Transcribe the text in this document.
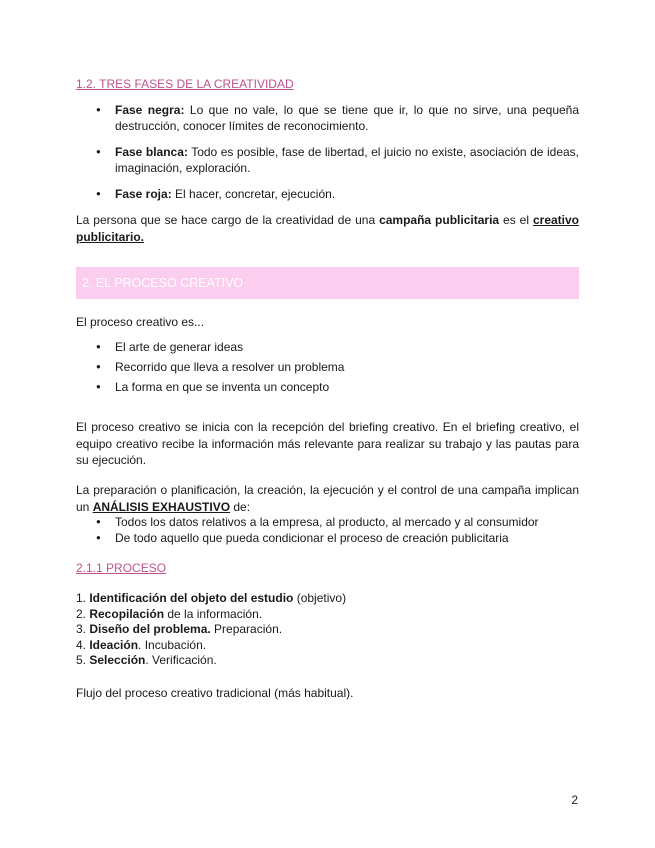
1.2. TRES FASES DE LA CREATIVIDAD
● Fase negra: Lo que no vale, lo que se tiene que ir, lo que no sirve, una pequeña destrucción, conocer límites de reconocimiento.
● Fase blanca: Todo es posible, fase de libertad, el juicio no existe, asociación de ideas, imaginación, exploración.
● Fase roja: El hacer, concretar, ejecución.
La persona que se hace cargo de la creatividad de una campaña publicitaria es el creativo publicitario.
2. EL PROCESO CREATIVO
El proceso creativo es...
● El arte de generar ideas
● Recorrido que lleva a resolver un problema
● La forma en que se inventa un concepto
El proceso creativo se inicia con la recepción del briefing creativo. En el briefing creativo, el equipo creativo recibe la información más relevante para realizar su trabajo y las pautas para su ejecución.
La preparación o planificación, la creación, la ejecución y el control de una campaña implican un ANÁLISIS EXHAUSTIVO de:
● Todos los datos relativos a la empresa, al producto, al mercado y al consumidor
● De todo aquello que pueda condicionar el proceso de creación publicitaria
2.1.1 PROCESO
1. Identificación del objeto del estudio (objetivo)
2. Recopilación de la información.
3. Diseño del problema. Preparación.
4. Ideación. Incubación.
5. Selección. Verificación.
Flujo del proceso creativo tradicional (más habitual).
2
